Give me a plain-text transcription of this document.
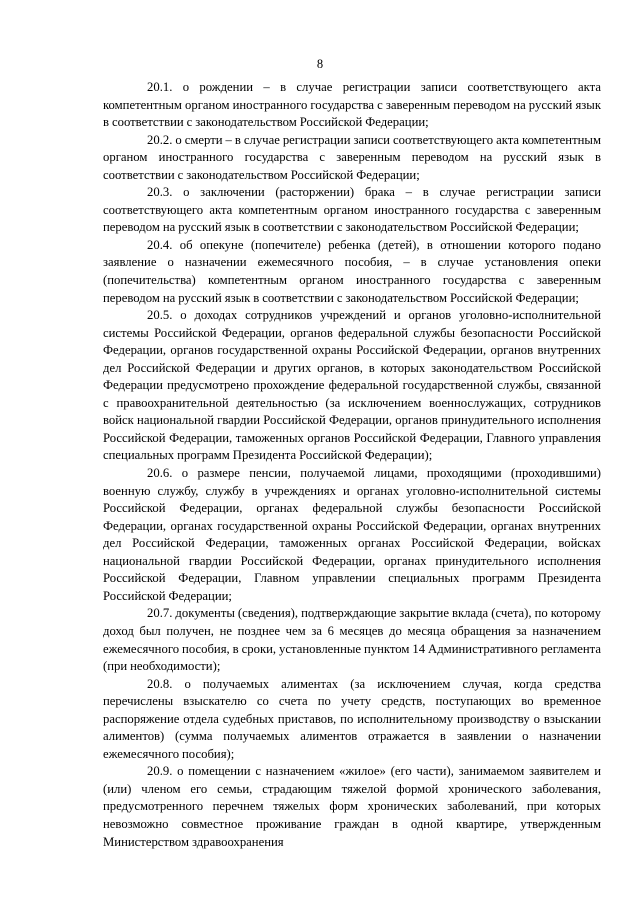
8

20.1. о рождении – в случае регистрации записи соответствующего акта компетентным органом иностранного государства с заверенным переводом на русский язык в соответствии с законодательством Российской Федерации;

20.2. о смерти – в случае регистрации записи соответствующего акта компетентным органом иностранного государства с заверенным переводом на русский язык в соответствии с законодательством Российской Федерации;

20.3. о заключении (расторжении) брака – в случае регистрации записи соответствующего акта компетентным органом иностранного государства с заверенным переводом на русский язык в соответствии с законодательством Российской Федерации;

20.4. об опекуне (попечителе) ребенка (детей), в отношении которого подано заявление о назначении ежемесячного пособия, – в случае установления опеки (попечительства) компетентным органом иностранного государства с заверенным переводом на русский язык в соответствии с законодательством Российской Федерации;

20.5. о доходах сотрудников учреждений и органов уголовно-исполнительной системы Российской Федерации, органов федеральной службы безопасности Российской Федерации, органов государственной охраны Российской Федерации, органов внутренних дел Российской Федерации и других органов, в которых законодательством Российской Федерации предусмотрено прохождение федеральной государственной службы, связанной с правоохранительной деятельностью (за исключением военнослужащих, сотрудников войск национальной гвардии Российской Федерации, органов принудительного исполнения Российской Федерации, таможенных органов Российской Федерации, Главного управления специальных программ Президента Российской Федерации);

20.6. о размере пенсии, получаемой лицами, проходящими (проходившими) военную службу, службу в учреждениях и органах уголовно-исполнительной системы Российской Федерации, органах федеральной службы безопасности Российской Федерации, органах государственной охраны Российской Федерации, органах внутренних дел Российской Федерации, таможенных органах Российской Федерации, войсках национальной гвардии Российской Федерации, органах принудительного исполнения Российской Федерации, Главном управлении специальных программ Президента Российской Федерации;

20.7. документы (сведения), подтверждающие закрытие вклада (счета), по которому доход был получен, не позднее чем за 6 месяцев до месяца обращения за назначением ежемесячного пособия, в сроки, установленные пунктом 14 Административного регламента (при необходимости);

20.8. о получаемых алиментах (за исключением случая, когда средства перечислены взыскателю со счета по учету средств, поступающих во временное распоряжение отдела судебных приставов, по исполнительному производству о взыскании алиментов) (сумма получаемых алиментов отражается в заявлении о назначении ежемесячного пособия);

20.9. о помещении с назначением «жилое» (его части), занимаемом заявителем и (или) членом его семьи, страдающим тяжелой формой хронического заболевания, предусмотренного перечнем тяжелых форм хронических заболеваний, при которых невозможно совместное проживание граждан в одной квартире, утвержденным Министерством здравоохранения
